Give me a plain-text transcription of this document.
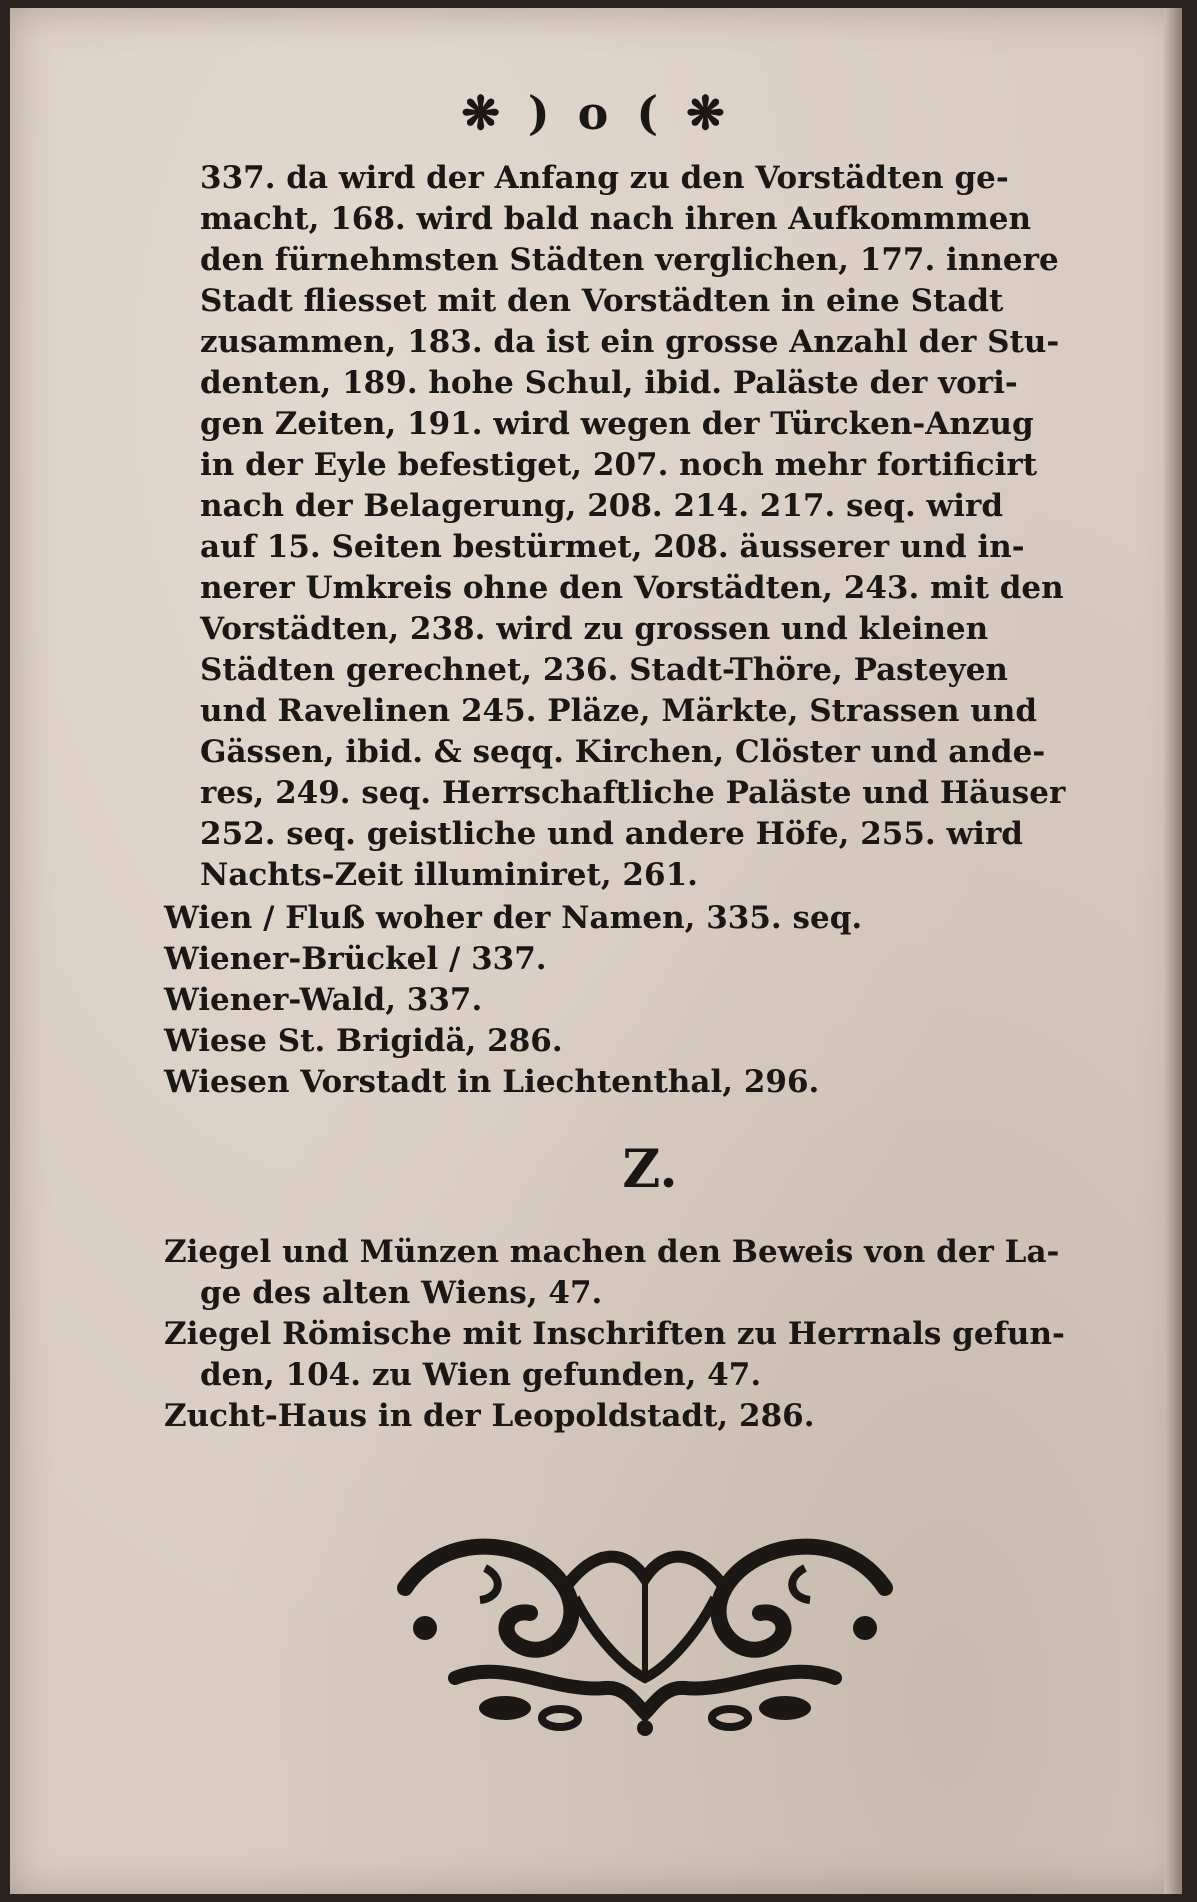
❋ ) o ( ❋
337. da wird der Anfang zu den Vorstädten ge-
macht, 168. wird bald nach ihren Aufkommmen
den fürnehmsten Städten verglichen, 177. innere
Stadt fliesset mit den Vorstädten in eine Stadt
zusammen, 183. da ist ein grosse Anzahl der Stu-
denten, 189. hohe Schul, ibid. Paläste der vori-
gen Zeiten, 191. wird wegen der Türcken-Anzug
in der Eyle befestiget, 207. noch mehr fortificirt
nach der Belagerung, 208. 214. 217. seq. wird
auf 15. Seiten bestürmet, 208. äusserer und in-
nerer Umkreis ohne den Vorstädten, 243. mit den
Vorstädten, 238. wird zu grossen und kleinen
Städten gerechnet, 236. Stadt-Thöre, Pasteyen
und Ravelinen 245. Pläze, Märkte, Strassen und
Gässen, ibid. & seqq. Kirchen, Clöster und ande-
res, 249. seq. Herrschaftliche Paläste und Häuser
252. seq. geistliche und andere Höfe, 255. wird
Nachts-Zeit illuminiret, 261.
Wien / Fluß woher der Namen, 335. seq.
Wiener-Brückel / 337.
Wiener-Wald, 337.
Wiese St. Brigidä, 286.
Wiesen Vorstadt in Liechtenthal, 296.
Z.
Ziegel und Münzen machen den Beweis von der La-
ge des alten Wiens, 47.
Ziegel Römische mit Inschriften zu Herrnals gefun-
den, 104. zu Wien gefunden, 47.
Zucht-Haus in der Leopoldstadt, 286.
